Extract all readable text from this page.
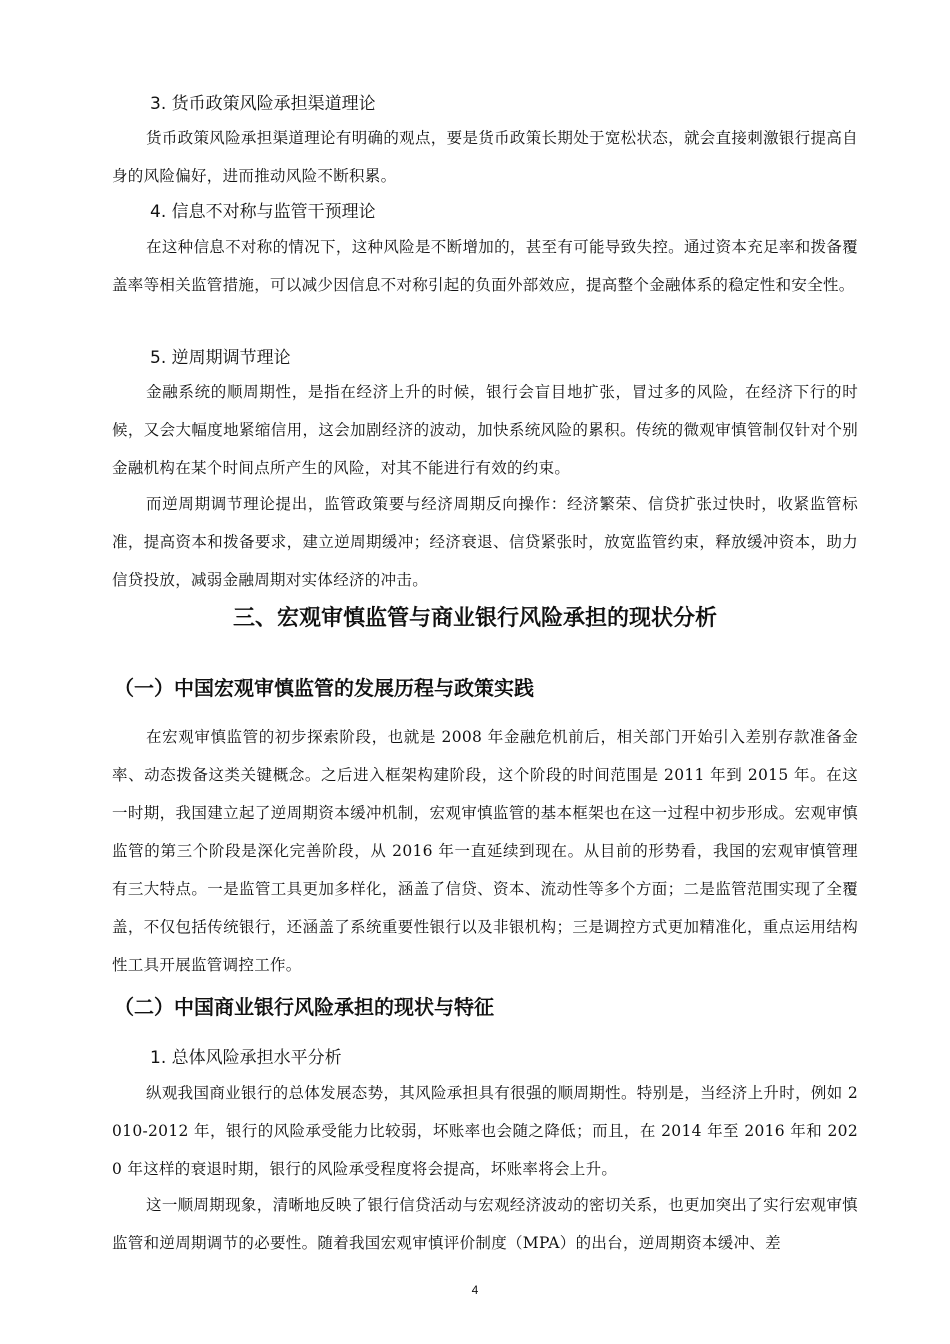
3. 货币政策风险承担渠道理论
货币政策风险承担渠道理论有明确的观点，要是货币政策长期处于宽松状态，就会直接刺激银行提高自身的风险偏好，进而推动风险不断积累。
4. 信息不对称与监管干预理论
在这种信息不对称的情况下，这种风险是不断增加的，甚至有可能导致失控。通过资本充足率和拨备覆盖率等相关监管措施，可以减少因信息不对称引起的负面外部效应，提高整个金融体系的稳定性和安全性。
5. 逆周期调节理论
金融系统的顺周期性，是指在经济上升的时候，银行会盲目地扩张，冒过多的风险，在经济下行的时候，又会大幅度地紧缩信用，这会加剧经济的波动，加快系统风险的累积。传统的微观审慎管制仅针对个别金融机构在某个时间点所产生的风险，对其不能进行有效的约束。
而逆周期调节理论提出，监管政策要与经济周期反向操作：经济繁荣、信贷扩张过快时，收紧监管标准，提高资本和拨备要求，建立逆周期缓冲；经济衰退、信贷紧张时，放宽监管约束，释放缓冲资本，助力信贷投放，减弱金融周期对实体经济的冲击。
三、宏观审慎监管与商业银行风险承担的现状分析
（一）中国宏观审慎监管的发展历程与政策实践
在宏观审慎监管的初步探索阶段，也就是 2008 年金融危机前后，相关部门开始引入差别存款准备金率、动态拨备这类关键概念。之后进入框架构建阶段，这个阶段的时间范围是 2011 年到 2015 年。在这一时期，我国建立起了逆周期资本缓冲机制，宏观审慎监管的基本框架也在这一过程中初步形成。宏观审慎监管的第三个阶段是深化完善阶段，从 2016 年一直延续到现在。从目前的形势看，我国的宏观审慎管理有三大特点。一是监管工具更加多样化，涵盖了信贷、资本、流动性等多个方面；二是监管范围实现了全覆盖，不仅包括传统银行，还涵盖了系统重要性银行以及非银机构；三是调控方式更加精准化，重点运用结构性工具开展监管调控工作。
（二）中国商业银行风险承担的现状与特征
1. 总体风险承担水平分析
纵观我国商业银行的总体发展态势，其风险承担具有很强的顺周期性。特别是，当经济上升时，例如 2010-2012 年，银行的风险承受能力比较弱，坏账率也会随之降低；而且，在 2014 年至 2016 年和 2020 年这样的衰退时期，银行的风险承受程度将会提高，坏账率将会上升。
这一顺周期现象，清晰地反映了银行信贷活动与宏观经济波动的密切关系，也更加突出了实行宏观审慎监管和逆周期调节的必要性。随着我国宏观审慎评价制度（MPA）的出台，逆周期资本缓冲、差
4
